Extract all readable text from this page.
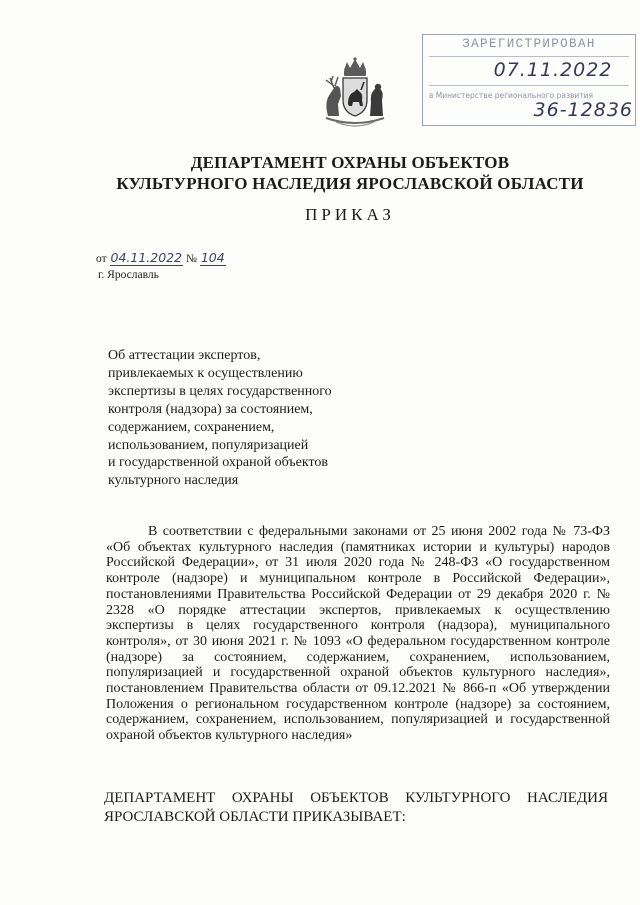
ЗАРЕГИСТРИРОВАН
07.11.2022
в Министерстве регионального развития
36-12836
ДЕПАРТАМЕНТ ОХРАНЫ ОБЪЕКТОВ
КУЛЬТУРНОГО НАСЛЕДИЯ ЯРОСЛАВСКОЙ ОБЛАСТИ
ПРИКАЗ
от 04.11.2022 № 104
г. Ярославль
Об аттестации экспертов,
привлекаемых к осуществлению
экспертизы в целях государственного
контроля (надзора) за состоянием,
содержанием, сохранением,
использованием, популяризацией
и государственной охраной объектов
культурного наследия
В соответствии с федеральными законами от 25 июня 2002 года № 73-ФЗ «Об объектах культурного наследия (памятниках истории и культуры) народов Российской Федерации», от 31 июля 2020 года № 248-ФЗ «О государственном контроле (надзоре) и муниципальном контроле в Российской Федерации», постановлениями Правительства Российской Федерации от 29 декабря 2020 г. № 2328 «О порядке аттестации экспертов, привлекаемых к осуществлению экспертизы в целях государственного контроля (надзора), муниципального контроля», от 30 июня 2021 г. № 1093 «О федеральном государственном контроле (надзоре) за состоянием, содержанием, сохранением, использованием, популяризацией и государственной охраной объектов культурного наследия», постановлением Правительства области от 09.12.2021 № 866-п «Об утверждении Положения о региональном государственном контроле (надзоре) за состоянием, содержанием, сохранением, использованием, популяризацией и государственной охраной объектов культурного наследия»
ДЕПАРТАМЕНТ ОХРАНЫ ОБЪЕКТОВ КУЛЬТУРНОГО НАСЛЕДИЯ
ЯРОСЛАВСКОЙ ОБЛАСТИ ПРИКАЗЫВАЕТ:
